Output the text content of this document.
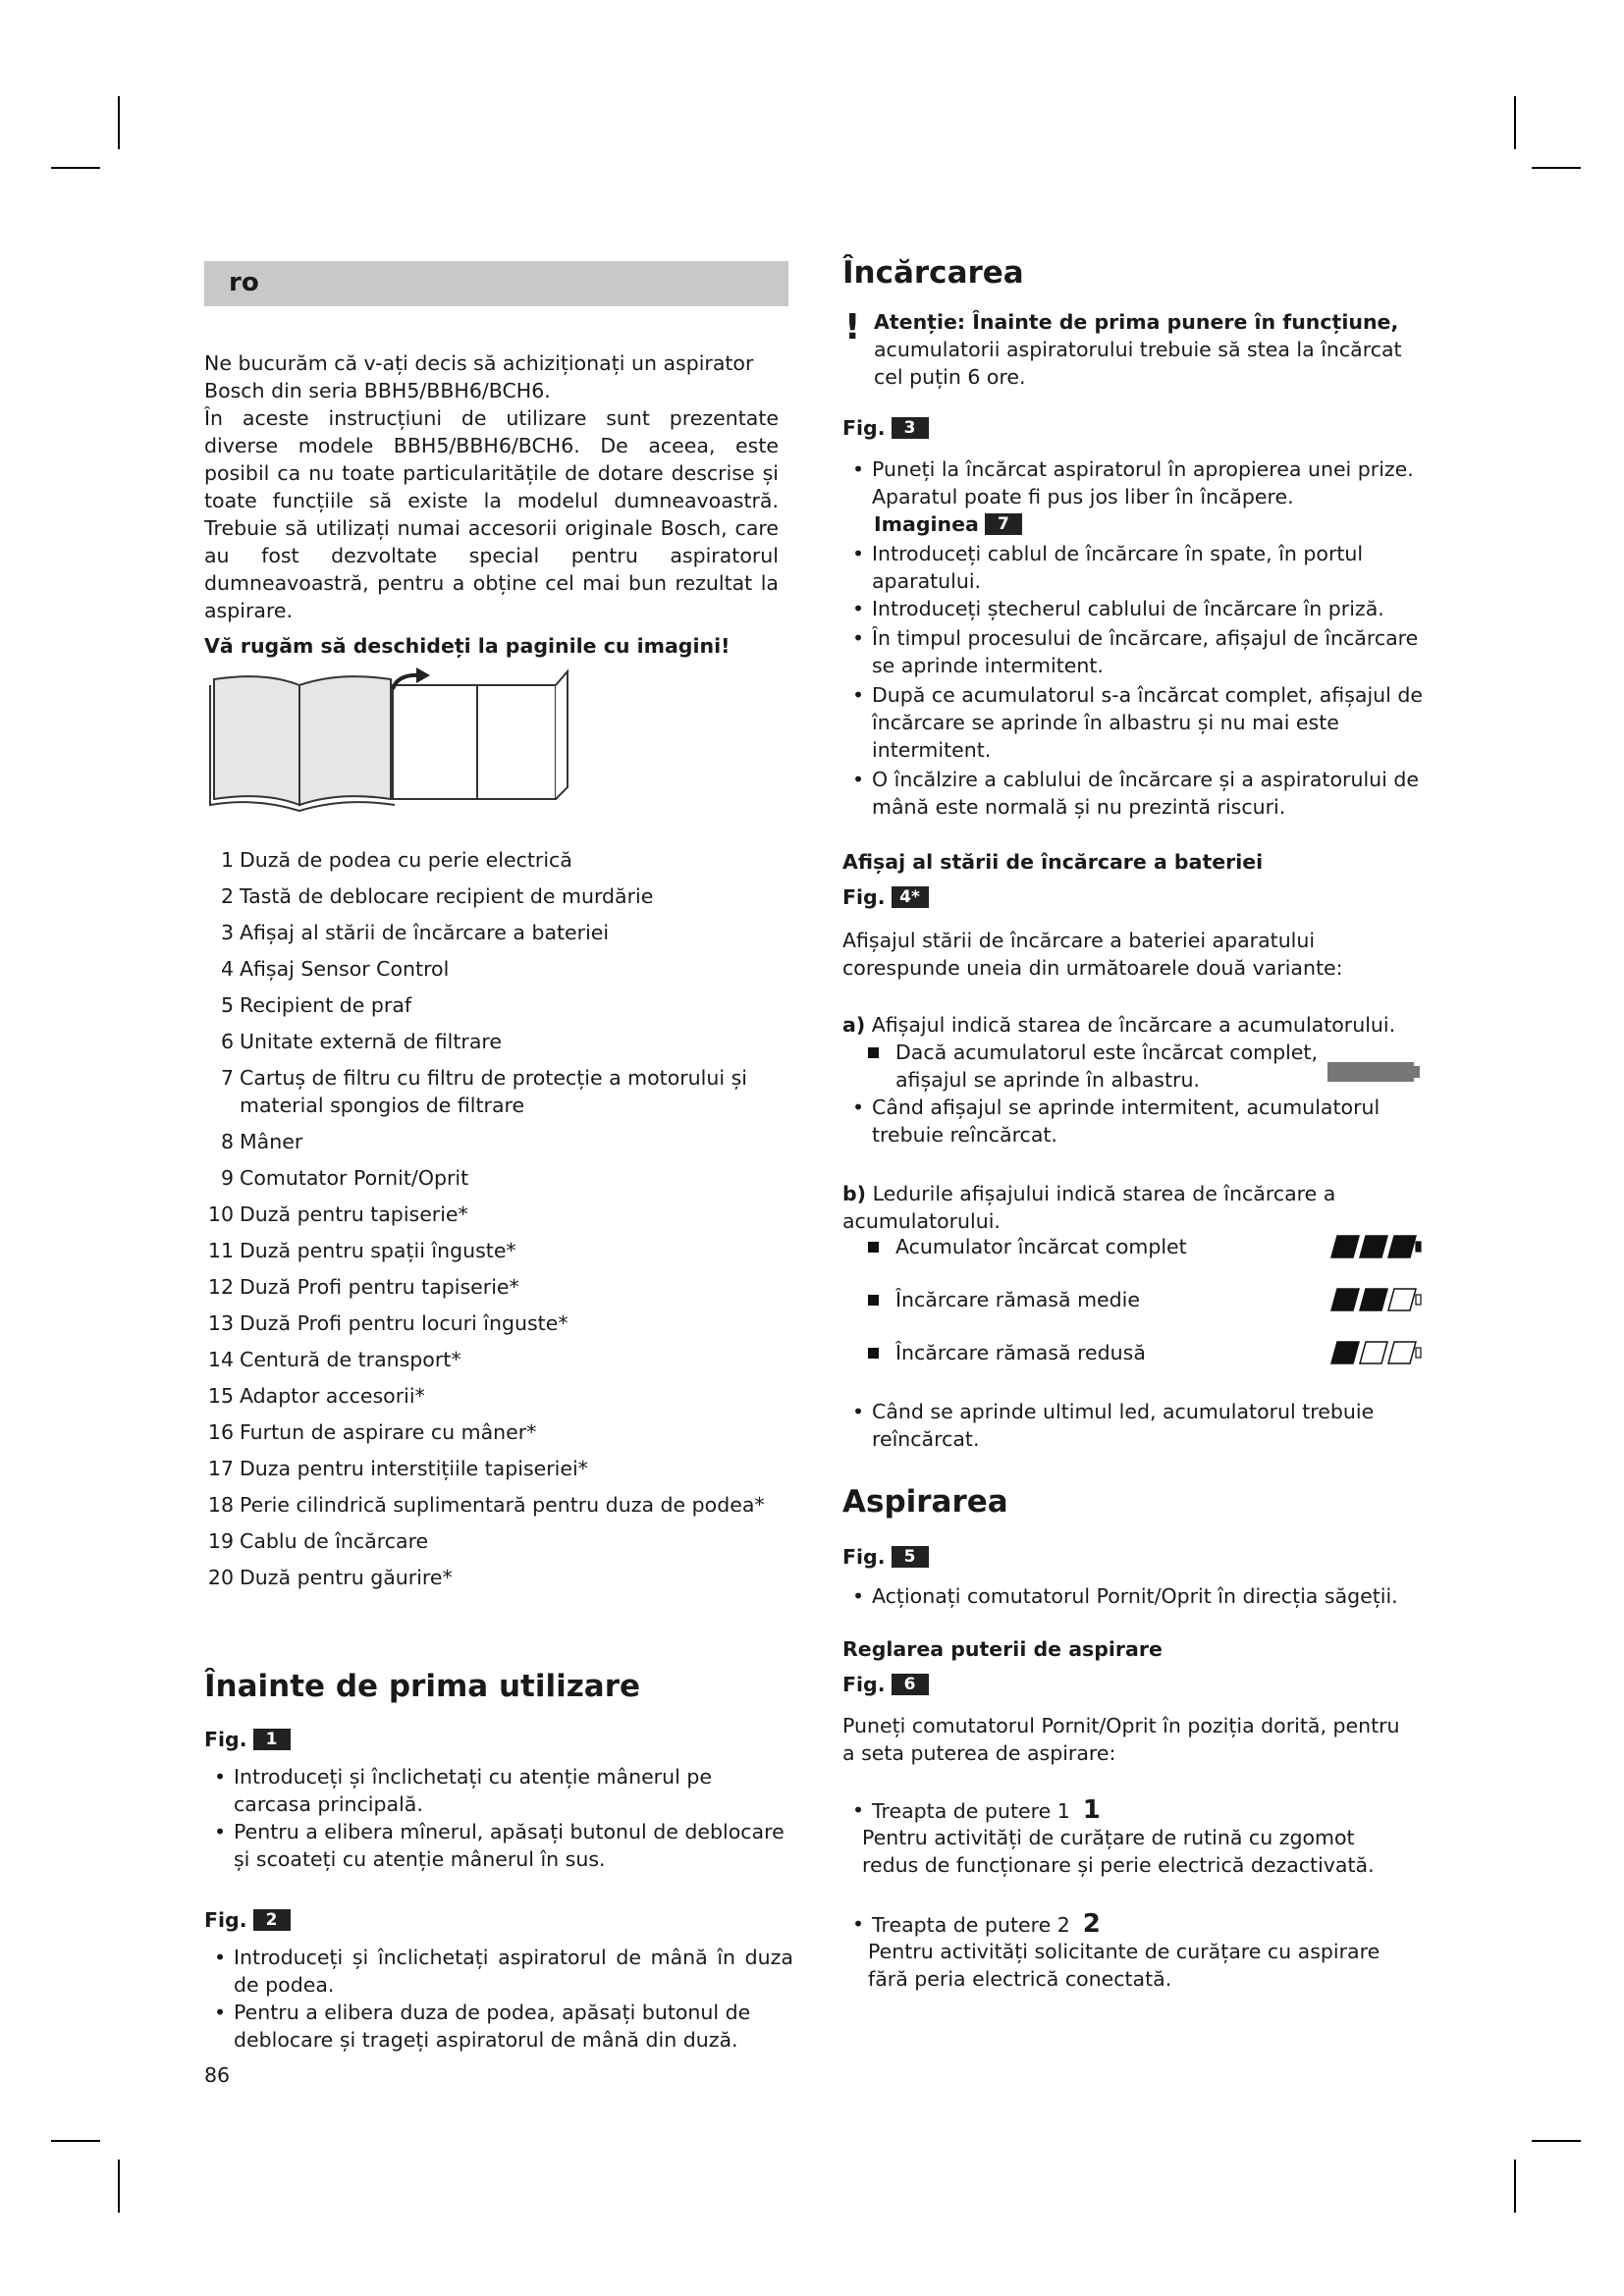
ro

Ne bucurăm că v-ați decis să achiziționați un aspirator Bosch din seria BBH5/BBH6/BCH6.

În aceste instrucțiuni de utilizare sunt prezentate diverse modele BBH5/BBH6/BCH6. De aceea, este posibil ca nu toate particularitățile de dotare descrise și toate funcțiile să existe la modelul dumneavoastră. Trebuie să utilizați numai accesorii originale Bosch, care au fost dezvoltate special pentru aspiratorul dumneavoastră, pentru a obține cel mai bun rezultat la aspirare.

Vă rugăm să deschideți la paginile cu imagini!
1 Duză de podea cu perie electrică
2 Tastă de deblocare recipient de murdărie
3 Afișaj al stării de încărcare a bateriei
4 Afișaj Sensor Control
5 Recipient de praf
6 Unitate externă de filtrare
7 Cartuș de filtru cu filtru de protecție a motorului și material spongios de filtrare
8 Mâner
9 Comutator Pornit/Oprit
10 Duză pentru tapiserie*
11 Duză pentru spații înguste*
12 Duză Profi pentru tapiserie*
13 Duză Profi pentru locuri înguste*
14 Centură de transport*
15 Adaptor accesorii*
16 Furtun de aspirare cu mâner*
17 Duza pentru interstițiile tapiseriei*
18 Perie cilindrică suplimentară pentru duza de podea*
19 Cablu de încărcare
20 Duză pentru găurire*
Înainte de prima utilizare
Fig.	1
• Introduceți și înclichetați cu atenție mânerul pe carcasa principală.
• Pentru a elibera mînerul, apăsați butonul de deblocare și scoateți cu atenție mânerul în sus.
Fig.	2
• Introduceți și înclichetați aspiratorul de mână în duza de podea.
• Pentru a elibera duza de podea, apăsați butonul de deblocare și trageți aspiratorul de mână din duză.
86
Încărcarea
! Atenție: Înainte de prima punere în funcțiune, acumulatorii aspiratorului trebuie să stea la încărcat cel puțin 6 ore.
Fig.	3
• Puneți la încărcat aspiratorul în apropierea unei prize. Aparatul poate fi pus jos liber în încăpere.
Imaginea	7
• Introduceți cablul de încărcare în spate, în portul aparatului.
• Introduceți ștecherul cablului de încărcare în priză.
• În timpul procesului de încărcare, afișajul de încărcare se aprinde intermitent.
• După ce acumulatorul s-a încărcat complet, afișajul de încărcare se aprinde în albastru și nu mai este intermitent.
• O încălzire a cablului de încărcare și a aspiratorului de mână este normală și nu prezintă riscuri.
Afișaj al stării de încărcare a bateriei
Fig. 4*

Afișajul stării de încărcare a bateriei aparatului corespunde uneia din următoarele două variante:

a) Afișajul indică starea de încărcare a acumulatorului.
Dacă acumulatorul este încărcat complet, afișajul se aprinde în albastru.
• Când afișajul se aprinde intermitent, acumulatorul trebuie reîncărcat.
b) Ledurile afișajului indică starea de încărcare a acumulatorului.
Acumulator încărcat complet
Încărcare rămasă medie
Încărcare rămasă redusă
• Când se aprinde ultimul led, acumulatorul trebuie reîncărcat.
Aspirarea
Fig.	5
• Acționați comutatorul Pornit/Oprit în direcția săgeții.
Reglarea puterii de aspirare
Fig.	6

Puneți comutatorul Pornit/Oprit în poziția dorită, pentru a seta puterea de aspirare:

• Treapta de putere 1 1

Pentru activități de curățare de rutină cu zgomot redus de funcționare și perie electrică dezactivată.

• Treapta de putere 2 2

Pentru activități solicitante de curățare cu aspirare fără peria electrică conectată.
